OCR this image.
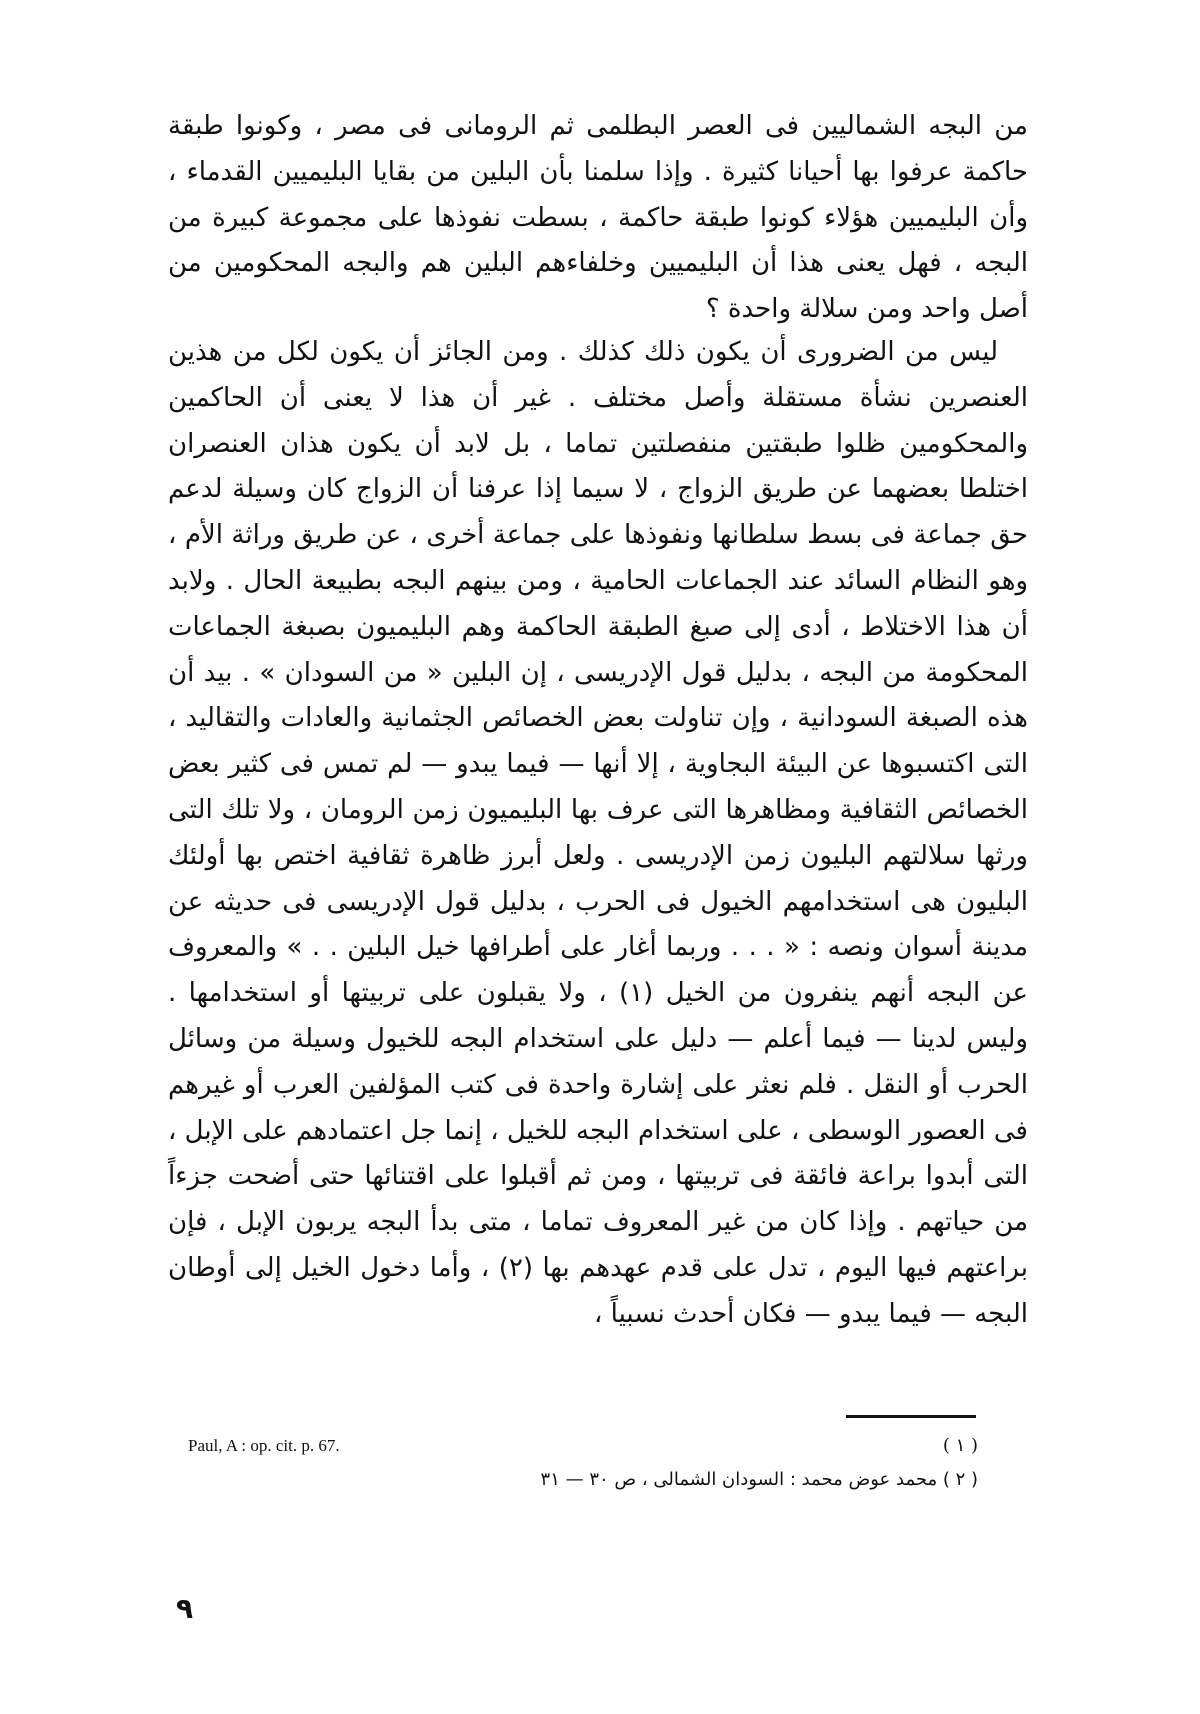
من البجه الشماليين فى العصر البطلمى ثم الرومانى فى مصر ، وكونوا طبقة حاكمة عرفوا بها أحيانا كثيرة . وإذا سلمنا بأن البلين من بقايا البليميين القدماء ، وأن البليميين هؤلاء كونوا طبقة حاكمة ، بسطت نفوذها على مجموعة كبيرة من البجه ، فهل يعنى هذا أن البليميين وخلفاءهم البلين هم والبجه المحكومين من أصل واحد ومن سلالة واحدة ؟

ليس من الضرورى أن يكون ذلك كذلك . ومن الجائز أن يكون لكل من هذين العنصرين نشأة مستقلة وأصل مختلف . غير أن هذا لا يعنى أن الحاكمين والمحكومين ظلوا طبقتين منفصلتين تماما ، بل لابد أن يكون هذان العنصران اختلطا بعضهما عن طريق الزواج ، لا سيما إذا عرفنا أن الزواج كان وسيلة لدعم حق جماعة فى بسط سلطانها ونفوذها على جماعة أخرى ، عن طريق وراثة الأم ، وهو النظام السائد عند الجماعات الحامية ، ومن بينهم البجه بطبيعة الحال . ولابد أن هذا الاختلاط ، أدى إلى صبغ الطبقة الحاكمة وهم البليميون بصبغة الجماعات المحكومة من البجه ، بدليل قول الإدريسى ، إن البلين « من السودان » . بيد أن هذه الصبغة السودانية ، وإن تناولت بعض الخصائص الجثمانية والعادات والتقاليد ، التى اكتسبوها عن البيئة البجاوية ، إلا أنها — فيما يبدو — لم تمس فى كثير بعض الخصائص الثقافية ومظاهرها التى عرف بها البليميون زمن الرومان ، ولا تلك التى ورثها سلالتهم البليون زمن الإدريسى . ولعل أبرز ظاهرة ثقافية اختص بها أولئك البليون هى استخدامهم الخيول فى الحرب ، بدليل قول الإدريسى فى حديثه عن مدينة أسوان ونصه : « . . . وربما أغار على أطرافها خيل البلين . . » والمعروف عن البجه أنهم ينفرون من الخيل (١) ، ولا يقبلون على تربيتها أو استخدامها . وليس لدينا — فيما أعلم — دليل على استخدام البجه للخيول وسيلة من وسائل الحرب أو النقل . فلم نعثر على إشارة واحدة فى كتب المؤلفين العرب أو غيرهم فى العصور الوسطى ، على استخدام البجه للخيل ، إنما جل اعتمادهم على الإبل ، التى أبدوا براعة فائقة فى تربيتها ، ومن ثم أقبلوا على اقتنائها حتى أضحت جزءاً من حياتهم . وإذا كان من غير المعروف تماما ، متى بدأ البجه يربون الإبل ، فإن براعتهم فيها اليوم ، تدل على قدم عهدهم بها (٢) ، وأما دخول الخيل إلى أوطان البجه — فيما يبدو — فكان أحدث نسبياً ،

( ١ )
Paul, A : op. cit. p. 67.
( ٢ ) محمد عوض محمد : السودان الشمالى ، ص ٣٠ — ٣١
٩
